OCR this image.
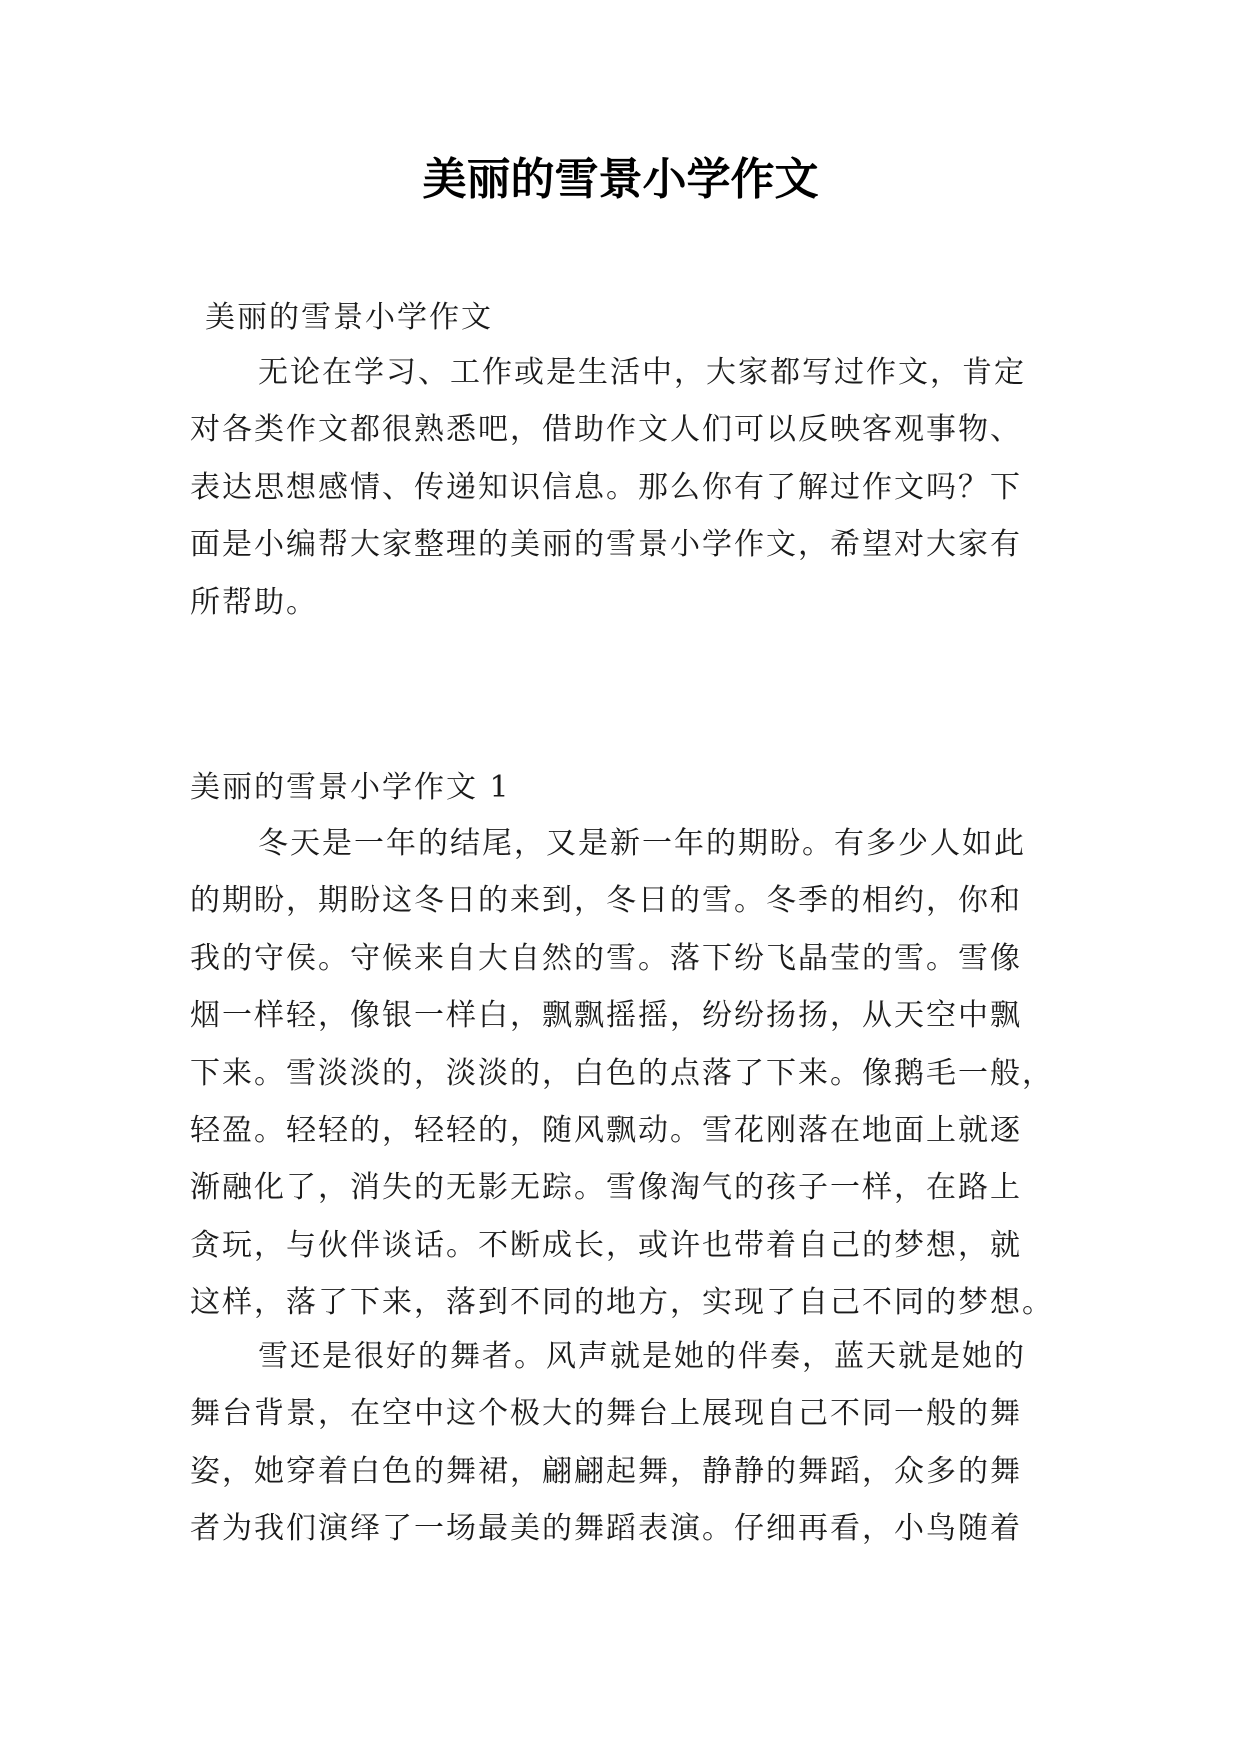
美丽的雪景小学作文
美丽的雪景小学作文
无论在学习、工作或是生活中，大家都写过作文，肯定
对各类作文都很熟悉吧，借助作文人们可以反映客观事物、
表达思想感情、传递知识信息。那么你有了解过作文吗？下
面是小编帮大家整理的美丽的雪景小学作文，希望对大家有
所帮助。
美丽的雪景小学作文 1
冬天是一年的结尾，又是新一年的期盼。有多少人如此
的期盼，期盼这冬日的来到，冬日的雪。冬季的相约，你和
我的守侯。守候来自大自然的雪。落下纷飞晶莹的雪。雪像
烟一样轻，像银一样白，飘飘摇摇，纷纷扬扬，从天空中飘
下来。雪淡淡的，淡淡的，白色的点落了下来。像鹅毛一般，
轻盈。轻轻的，轻轻的，随风飘动。雪花刚落在地面上就逐
渐融化了，消失的无影无踪。雪像淘气的孩子一样，在路上
贪玩，与伙伴谈话。不断成长，或许也带着自己的梦想，就
这样，落了下来，落到不同的地方，实现了自己不同的梦想。
雪还是很好的舞者。风声就是她的伴奏，蓝天就是她的
舞台背景，在空中这个极大的舞台上展现自己不同一般的舞
姿，她穿着白色的舞裙，翩翩起舞，静静的舞蹈，众多的舞
者为我们演绎了一场最美的舞蹈表演。仔细再看，小鸟随着
